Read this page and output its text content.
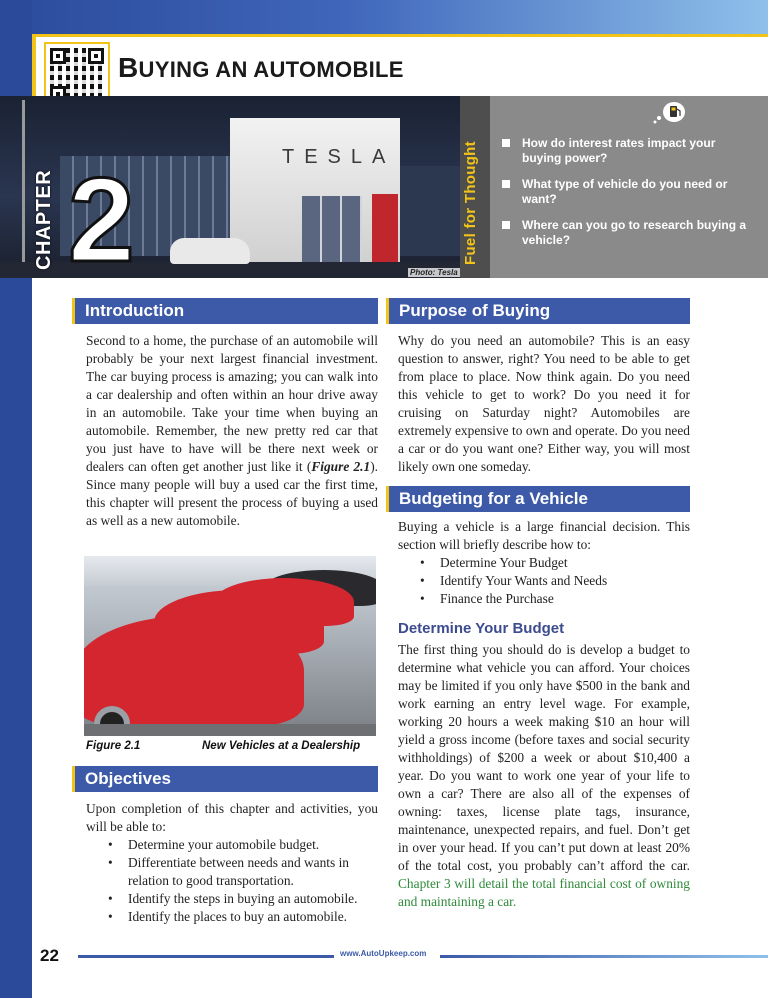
BUYING AN AUTOMOBILE
TESLA
Photo: Tesla
CHAPTER 2	Fuel for Thought	How do interest rates impact your buying power?
What type of vehicle do you need or want?
Where can you go to research buying a vehicle?
Introduction
Second to a home, the purchase of an automobile will probably be your next largest financial investment. The car buying process is amazing; you can walk into a car dealership and often within an hour drive away in an automobile. Take your time when buying an automobile. Remember, the new pretty red car that you just have to have will be there next week or dealers can often get another just like it (Figure 2.1). Since many people will buy a used car the first time, this chapter will present the process of buying a used as well as a new automobile.
Figure 2.1	New Vehicles at a Dealership
Objectives
Upon completion of this chapter and activities, you will be able to:
• Determine your automobile budget.
• Differentiate between needs and wants in relation to good transportation.
• Identify the steps in buying an automobile.
• Identify the places to buy an automobile.
Purpose of Buying
Why do you need an automobile? This is an easy question to answer, right? You need to be able to get from place to place. Now think again. Do you need this vehicle to get to work? Do you need it for cruising on Saturday night? Automobiles are extremely expensive to own and operate. Do you need a car or do you want one? Either way, you will most likely own one someday.
Budgeting for a Vehicle
Buying a vehicle is a large financial decision. This section will briefly describe how to:
• Determine Your Budget
• Identify Your Wants and Needs
• Finance the Purchase
Determine Your Budget
The first thing you should do is develop a budget to determine what vehicle you can afford. Your choices may be limited if you only have $500 in the bank and work earning an entry level wage. For example, working 20 hours a week making $10 an hour will yield a gross income (before taxes and social security withholdings) of $200 a week or about $10,400 a year. Do you want to work one year of your life to own a car? There are also all of the expenses of owning: taxes, license plate tags, insurance, maintenance, unexpected repairs, and fuel. Don’t get in over your head. If you can’t put down at least 20% of the total cost, you probably can’t afford the car. Chapter 3 will detail the total financial cost of owning and maintaining a car.
22	www.AutoUpkeep.com
